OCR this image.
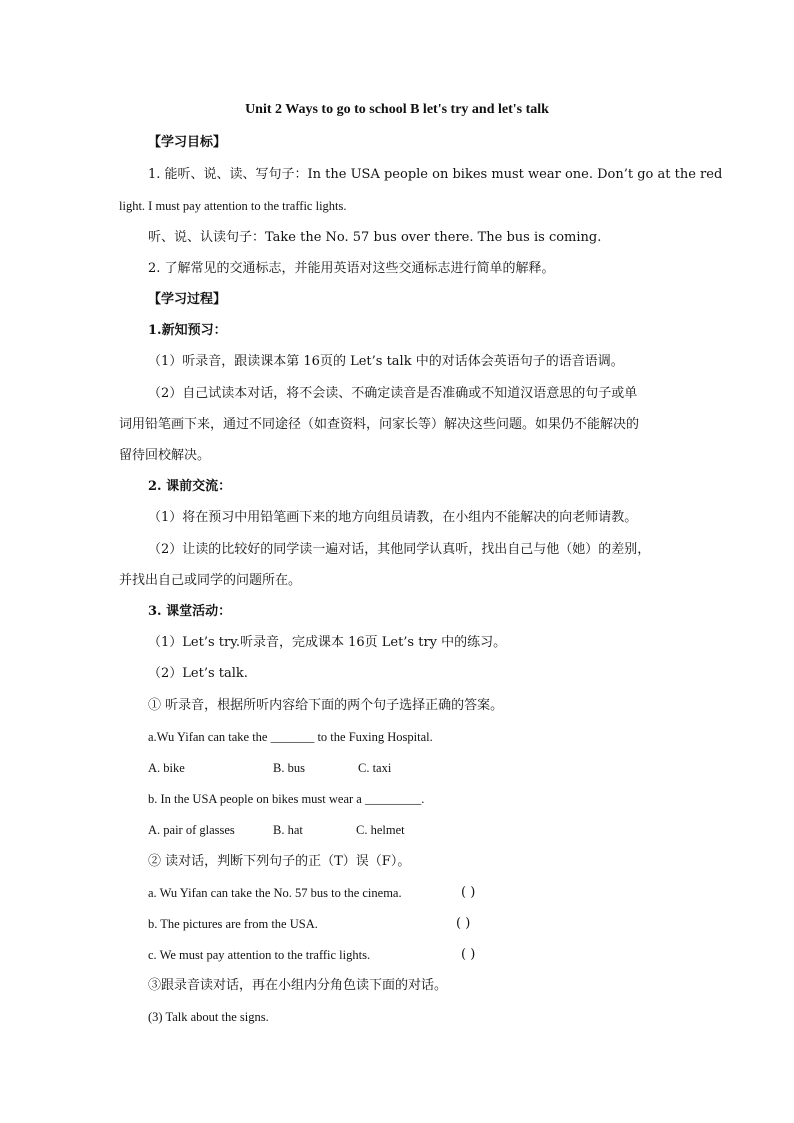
Unit 2 Ways to go to school B let's try and let's talk
【学习目标】
1. 能听、说、读、写句子：In the USA people on bikes must wear one. Don’t go at the red
light. I must pay attention to the traffic lights.
听、说、认读句子：Take the No. 57 bus over there. The bus is coming.
2. 了解常见的交通标志，并能用英语对这些交通标志进行简单的解释。
【学习过程】
1.新知预习：
（1）听录音，跟读课本第 16页的 Let’s talk 中的对话体会英语句子的语音语调。
（2）自己试读本对话，将不会读、不确定读音是否准确或不知道汉语意思的句子或单
词用铅笔画下来，通过不同途径（如查资料，问家长等）解决这些问题。如果仍不能解决的
留待回校解决。
2. 课前交流：
（1）将在预习中用铅笔画下来的地方向组员请教，在小组内不能解决的向老师请教。
（2）让读的比较好的同学读一遍对话，其他同学认真听，找出自己与他（她）的差别，
并找出自己或同学的问题所在。
3. 课堂活动：
（1）Let’s try.听录音，完成课本 16页 Let’s try 中的练习。
（2）Let’s talk.
① 听录音，根据所听内容给下面的两个句子选择正确的答案。
a.Wu Yifan can take the _______ to the Fuxing Hospital.
A. bike	B. bus	C. taxi
b. In the USA people on bikes must wear a _________.
A. pair of glasses	B. hat	C. helmet
② 读对话，判断下列句子的正（T）误（F）。
a. Wu Yifan can take the No. 57 bus to the cinema.	( )
b. The pictures are from the USA.	( )
c. We must pay attention to the traffic lights.	( )
③跟录音读对话，再在小组内分角色读下面的对话。
(3) Talk about the signs.
